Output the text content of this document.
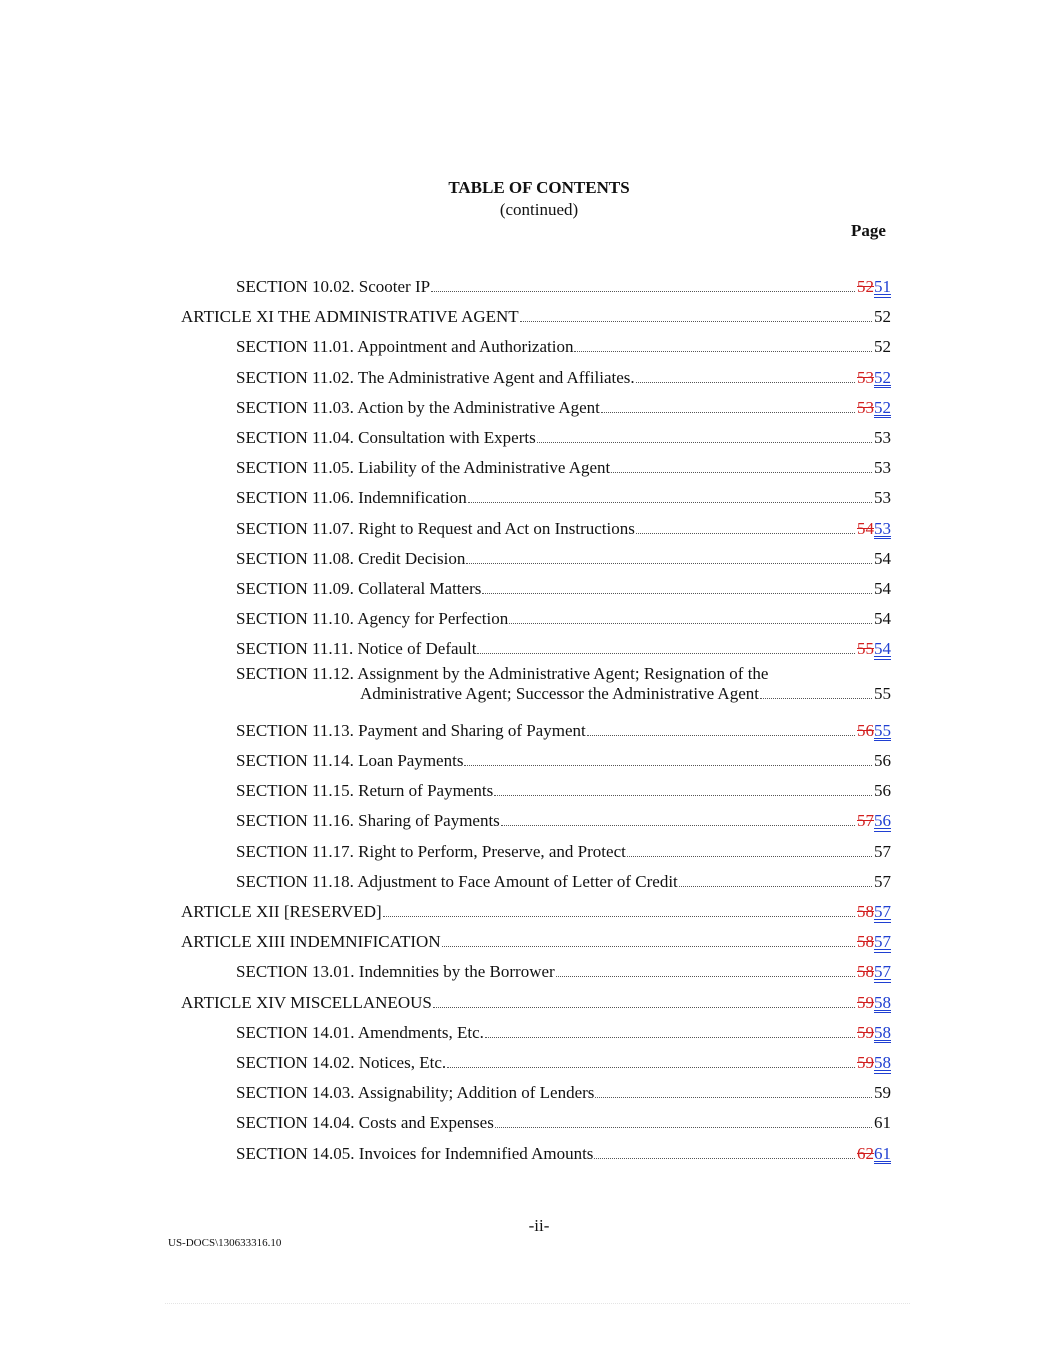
TABLE OF CONTENTS
(continued)
Page
SECTION 10.02. Scooter IP	5251
ARTICLE XI THE ADMINISTRATIVE AGENT	52
SECTION 11.01. Appointment and Authorization	52
SECTION 11.02. The Administrative Agent and Affiliates.	5352
SECTION 11.03. Action by the Administrative Agent	5352
SECTION 11.04. Consultation with Experts	53
SECTION 11.05. Liability of the Administrative Agent	53
SECTION 11.06. Indemnification	53
SECTION 11.07. Right to Request and Act on Instructions	5453
SECTION 11.08. Credit Decision	54
SECTION 11.09. Collateral Matters	54
SECTION 11.10. Agency for Perfection	54
SECTION 11.11. Notice of Default	5554
SECTION 11.12. Assignment by the Administrative Agent; Resignation of the
Administrative Agent; Successor the Administrative Agent	55
SECTION 11.13. Payment and Sharing of Payment	5655
SECTION 11.14. Loan Payments	56
SECTION 11.15. Return of Payments	56
SECTION 11.16. Sharing of Payments	5756
SECTION 11.17. Right to Perform, Preserve, and Protect	57
SECTION 11.18. Adjustment to Face Amount of Letter of Credit	57
ARTICLE XII [RESERVED]	5857
ARTICLE XIII INDEMNIFICATION	5857
SECTION 13.01. Indemnities by the Borrower	5857
ARTICLE XIV MISCELLANEOUS	5958
SECTION 14.01. Amendments, Etc.	5958
SECTION 14.02. Notices, Etc.	5958
SECTION 14.03. Assignability; Addition of Lenders	59
SECTION 14.04. Costs and Expenses	61
SECTION 14.05. Invoices for Indemnified Amounts	6261
-ii-
US-DOCS\130633316.10
